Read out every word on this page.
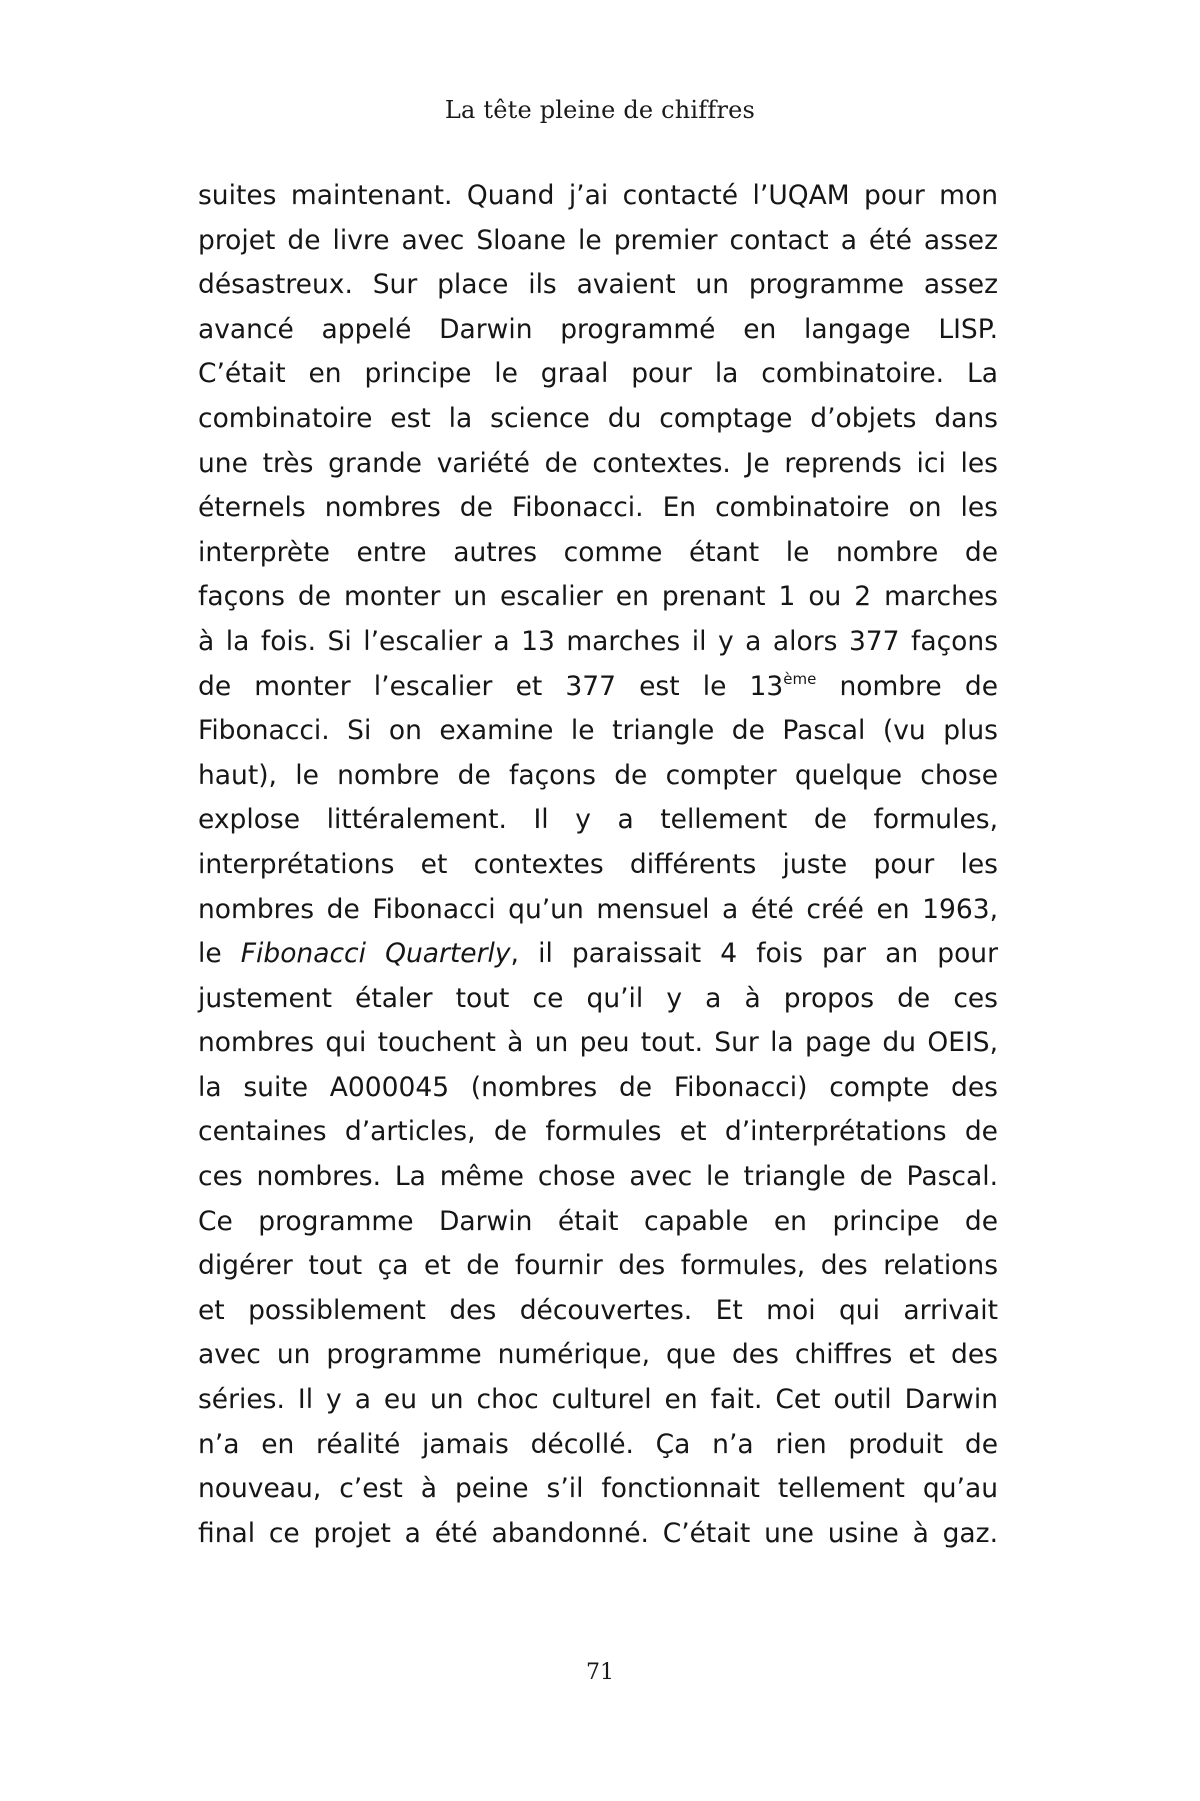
La tête pleine de chiffres
suites maintenant. Quand j’ai contacté l’UQAM pour mon
projet de livre avec Sloane le premier contact a été assez
désastreux. Sur place ils avaient un programme assez
avancé appelé Darwin programmé en langage LISP.
C’était en principe le graal pour la combinatoire. La
combinatoire est la science du comptage d’objets dans
une très grande variété de contextes. Je reprends ici les
éternels nombres de Fibonacci. En combinatoire on les
interprète entre autres comme étant le nombre de
façons de monter un escalier en prenant 1 ou 2 marches
à la fois. Si l’escalier a 13 marches il y a alors 377 façons
de monter l’escalier et 377 est le 13ème nombre de
Fibonacci. Si on examine le triangle de Pascal (vu plus
haut), le nombre de façons de compter quelque chose
explose littéralement. Il y a tellement de formules,
interprétations et contextes différents juste pour les
nombres de Fibonacci qu’un mensuel a été créé en 1963,
le Fibonacci Quarterly, il paraissait 4 fois par an pour
justement étaler tout ce qu’il y a à propos de ces
nombres qui touchent à un peu tout. Sur la page du OEIS,
la suite A000045 (nombres de Fibonacci) compte des
centaines d’articles, de formules et d’interprétations de
ces nombres. La même chose avec le triangle de Pascal.
Ce programme Darwin était capable en principe de
digérer tout ça et de fournir des formules, des relations
et possiblement des découvertes. Et moi qui arrivait
avec un programme numérique, que des chiffres et des
séries. Il y a eu un choc culturel en fait. Cet outil Darwin
n’a en réalité jamais décollé. Ça n’a rien produit de
nouveau, c’est à peine s’il fonctionnait tellement qu’au
final ce projet a été abandonné. C’était une usine à gaz.
71
